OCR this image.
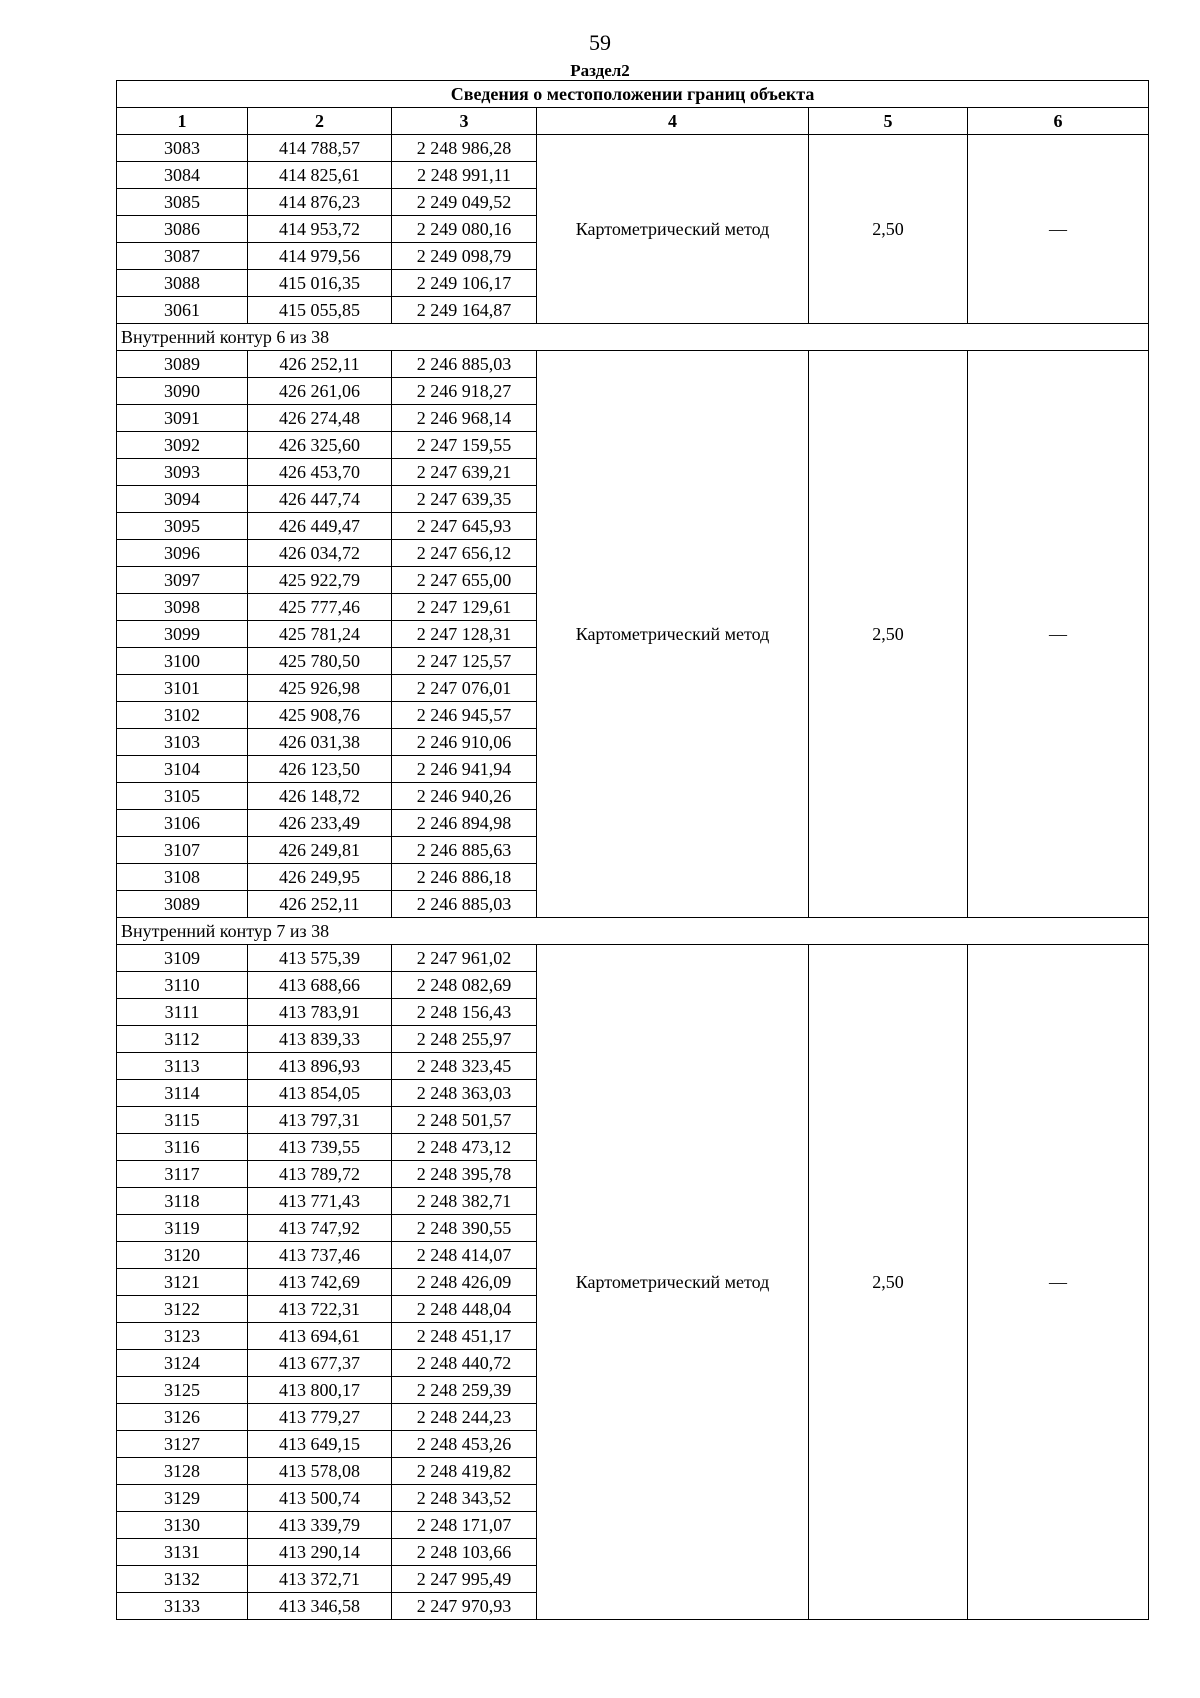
59
Раздел2
Сведения о местоположении границ объекта					
1	2	3	4	5	6
3083	414 788,57	2 248 986,28	Картометрический метод	2,50	—
3084	414 825,61	2 248 991,11			
3085	414 876,23	2 249 049,52			
3086	414 953,72	2 249 080,16			
3087	414 979,56	2 249 098,79			
3088	415 016,35	2 249 106,17			
3061	415 055,85	2 249 164,87			
Внутренний контур 6 из 38					
3089	426 252,11	2 246 885,03	Картометрический метод	2,50	—
3090	426 261,06	2 246 918,27			
3091	426 274,48	2 246 968,14			
3092	426 325,60	2 247 159,55			
3093	426 453,70	2 247 639,21			
3094	426 447,74	2 247 639,35			
3095	426 449,47	2 247 645,93			
3096	426 034,72	2 247 656,12			
3097	425 922,79	2 247 655,00			
3098	425 777,46	2 247 129,61			
3099	425 781,24	2 247 128,31			
3100	425 780,50	2 247 125,57			
3101	425 926,98	2 247 076,01			
3102	425 908,76	2 246 945,57			
3103	426 031,38	2 246 910,06			
3104	426 123,50	2 246 941,94			
3105	426 148,72	2 246 940,26			
3106	426 233,49	2 246 894,98			
3107	426 249,81	2 246 885,63			
3108	426 249,95	2 246 886,18			
3089	426 252,11	2 246 885,03			
Внутренний контур 7 из 38					
3109	413 575,39	2 247 961,02	Картометрический метод	2,50	—
3110	413 688,66	2 248 082,69			
3111	413 783,91	2 248 156,43			
3112	413 839,33	2 248 255,97			
3113	413 896,93	2 248 323,45			
3114	413 854,05	2 248 363,03			
3115	413 797,31	2 248 501,57			
3116	413 739,55	2 248 473,12			
3117	413 789,72	2 248 395,78			
3118	413 771,43	2 248 382,71			
3119	413 747,92	2 248 390,55			
3120	413 737,46	2 248 414,07			
3121	413 742,69	2 248 426,09			
3122	413 722,31	2 248 448,04			
3123	413 694,61	2 248 451,17			
3124	413 677,37	2 248 440,72			
3125	413 800,17	2 248 259,39			
3126	413 779,27	2 248 244,23			
3127	413 649,15	2 248 453,26			
3128	413 578,08	2 248 419,82			
3129	413 500,74	2 248 343,52			
3130	413 339,79	2 248 171,07			
3131	413 290,14	2 248 103,66			
3132	413 372,71	2 247 995,49			
3133	413 346,58	2 247 970,93			
